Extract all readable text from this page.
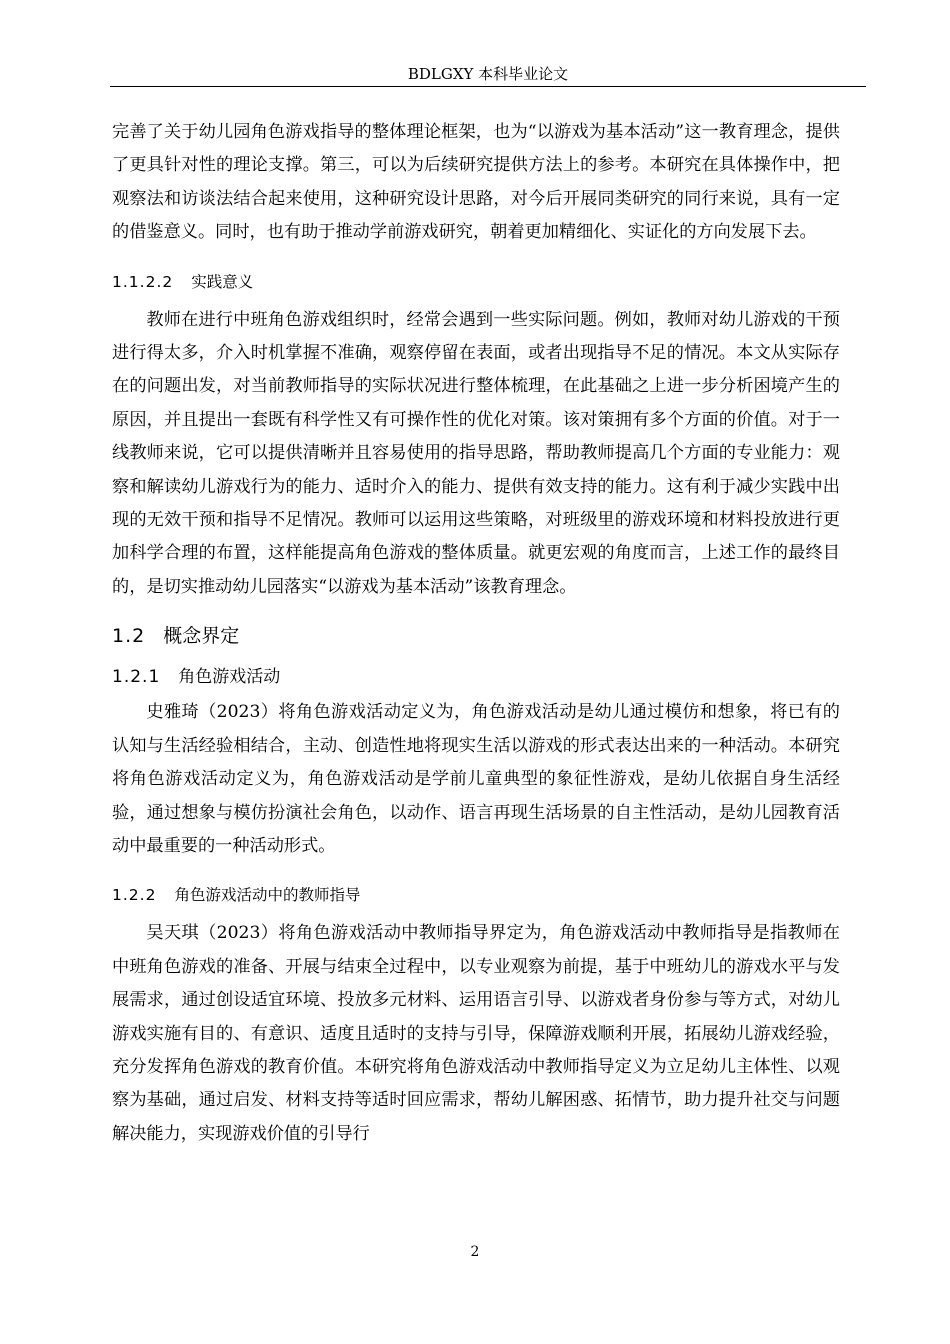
BDLGXY 本科毕业论文

完善了关于幼儿园角色游戏指导的整体理论框架，也为“以游戏为基本活动”这一教育理念，提供了更具针对性的理论支撑。第三，可以为后续研究提供方法上的参考。本研究在具体操作中，把观察法和访谈法结合起来使用，这种研究设计思路，对今后开展同类研究的同行来说，具有一定的借鉴意义。同时，也有助于推动学前游戏研究，朝着更加精细化、实证化的方向发展下去。

1.1.2.2 实践意义

教师在进行中班角色游戏组织时，经常会遇到一些实际问题。例如，教师对幼儿游戏的干预进行得太多，介入时机掌握不准确，观察停留在表面，或者出现指导不足的情况。本文从实际存在的问题出发，对当前教师指导的实际状况进行整体梳理，在此基础之上进一步分析困境产生的原因，并且提出一套既有科学性又有可操作性的优化对策。该对策拥有多个方面的价值。对于一线教师来说，它可以提供清晰并且容易使用的指导思路，帮助教师提高几个方面的专业能力：观察和解读幼儿游戏行为的能力、适时介入的能力、提供有效支持的能力。这有利于减少实践中出现的无效干预和指导不足情况。教师可以运用这些策略，对班级里的游戏环境和材料投放进行更加科学合理的布置，这样能提高角色游戏的整体质量。就更宏观的角度而言，上述工作的最终目的，是切实推动幼儿园落实“以游戏为基本活动”该教育理念。

1.2 概念界定
1.2.1 角色游戏活动

史雅琦（2023）将角色游戏活动定义为，角色游戏活动是幼儿通过模仿和想象，将已有的认知与生活经验相结合，主动、创造性地将现实生活以游戏的形式表达出来的一种活动。本研究将角色游戏活动定义为，角色游戏活动是学前儿童典型的象征性游戏，是幼儿依据自身生活经验，通过想象与模仿扮演社会角色，以动作、语言再现生活场景的自主性活动，是幼儿园教育活动中最重要的一种活动形式。

1.2.2 角色游戏活动中的教师指导

吴天琪（2023）将角色游戏活动中教师指导界定为，角色游戏活动中教师指导是指教师在中班角色游戏的准备、开展与结束全过程中，以专业观察为前提，基于中班幼儿的游戏水平与发展需求，通过创设适宜环境、投放多元材料、运用语言引导、以游戏者身份参与等方式，对幼儿游戏实施有目的、有意识、适度且适时的支持与引导，保障游戏顺利开展，拓展幼儿游戏经验，充分发挥角色游戏的教育价值。本研究将角色游戏活动中教师指导定义为立足幼儿主体性、以观察为基础，通过启发、材料支持等适时回应需求，帮幼儿解困惑、拓情节，助力提升社交与问题解决能力，实现游戏价值的引导行

2
